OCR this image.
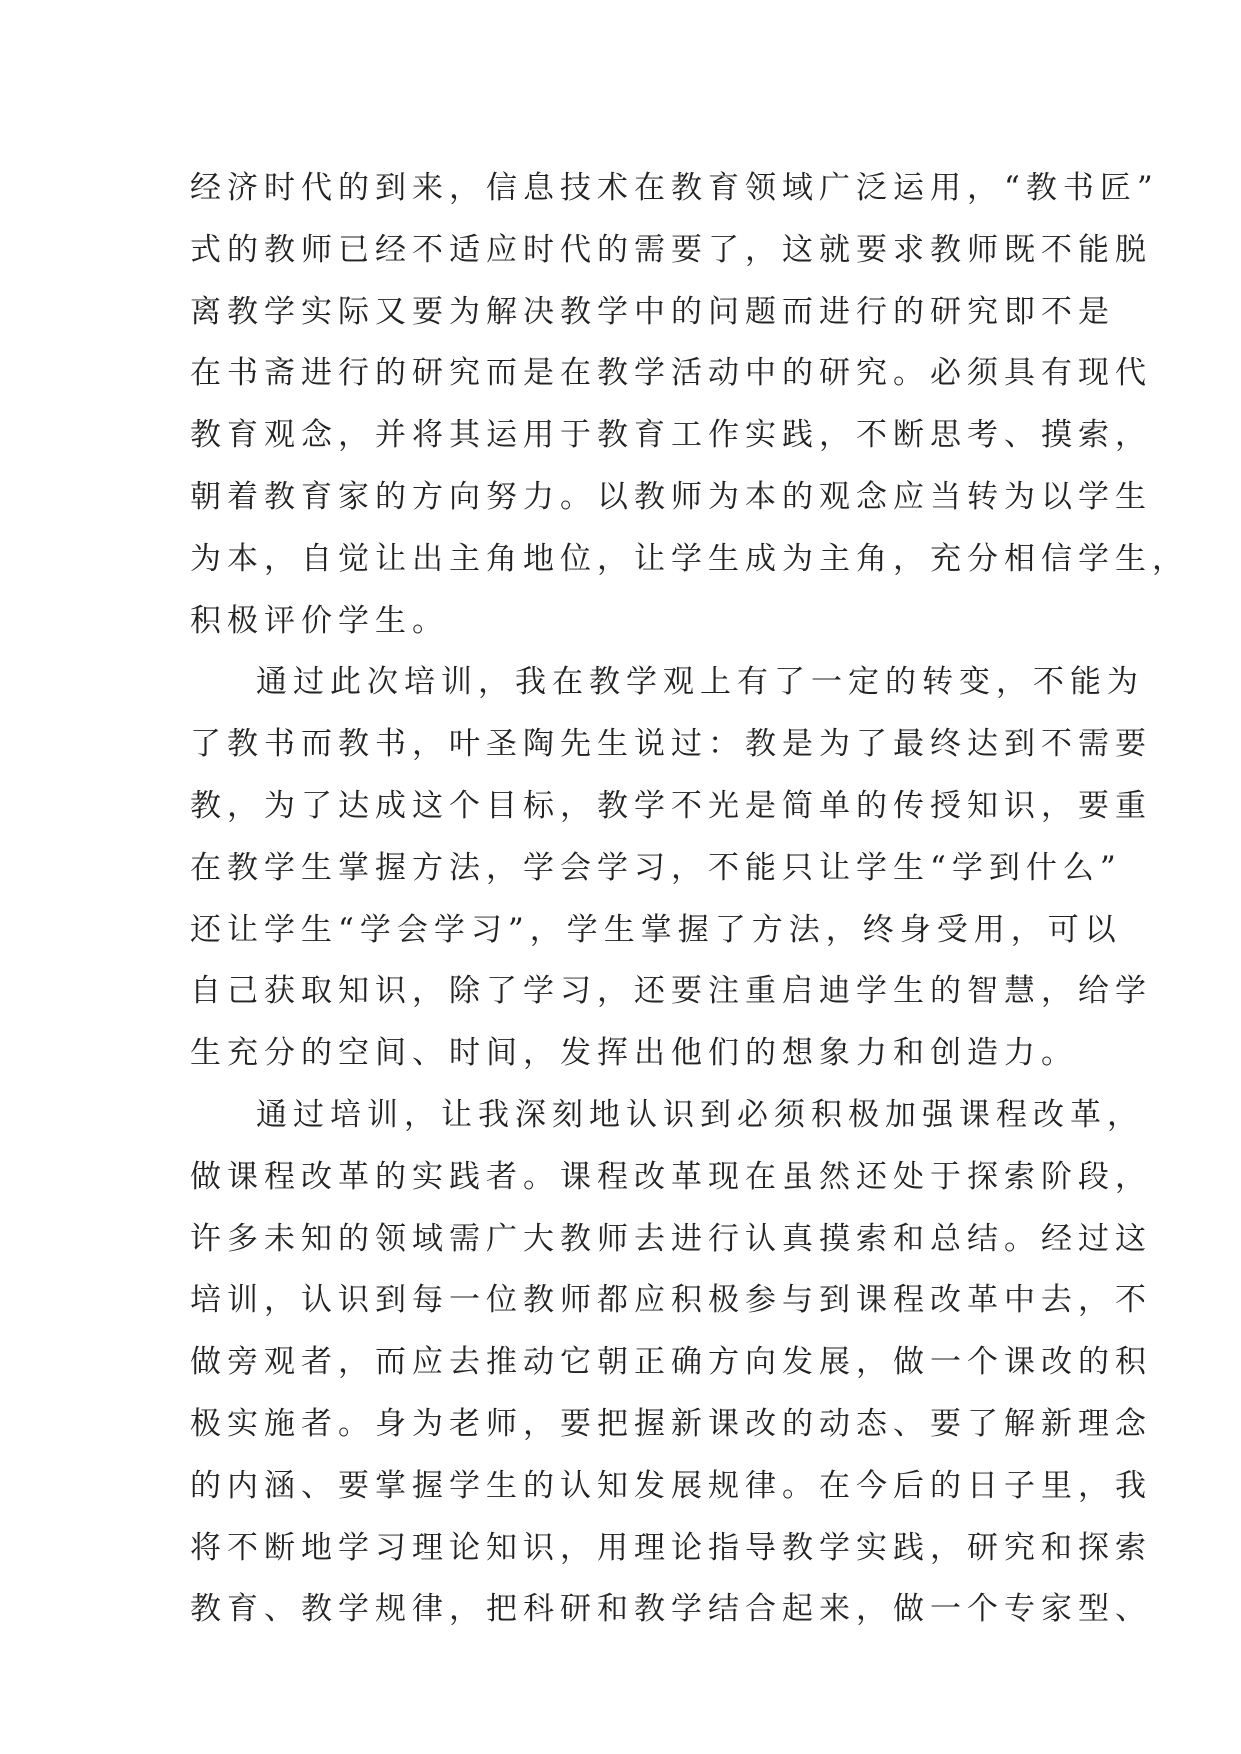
经济时代的到来，信息技术在教育领域广泛运用，“教书匠”
式的教师已经不适应时代的需要了，这就要求教师既不能脱
离教学实际又要为解决教学中的问题而进行的研究即不是
在书斋进行的研究而是在教学活动中的研究。必须具有现代
教育观念，并将其运用于教育工作实践，不断思考、摸索，
朝着教育家的方向努力。以教师为本的观念应当转为以学生
为本，自觉让出主角地位，让学生成为主角，充分相信学生，
积极评价学生。
通过此次培训，我在教学观上有了一定的转变，不能为
了教书而教书，叶圣陶先生说过：教是为了最终达到不需要
教，为了达成这个目标，教学不光是简单的传授知识，要重
在教学生掌握方法，学会学习，不能只让学生“学到什么”
还让学生“学会学习”，学生掌握了方法，终身受用，可以
自己获取知识，除了学习，还要注重启迪学生的智慧，给学
生充分的空间、时间，发挥出他们的想象力和创造力。
通过培训，让我深刻地认识到必须积极加强课程改革，
做课程改革的实践者。课程改革现在虽然还处于探索阶段，
许多未知的领域需广大教师去进行认真摸索和总结。经过这
培训，认识到每一位教师都应积极参与到课程改革中去，不
做旁观者，而应去推动它朝正确方向发展，做一个课改的积
极实施者。身为老师，要把握新课改的动态、要了解新理念
的内涵、要掌握学生的认知发展规律。在今后的日子里，我
将不断地学习理论知识，用理论指导教学实践，研究和探索
教育、教学规律，把科研和教学结合起来，做一个专家型、
